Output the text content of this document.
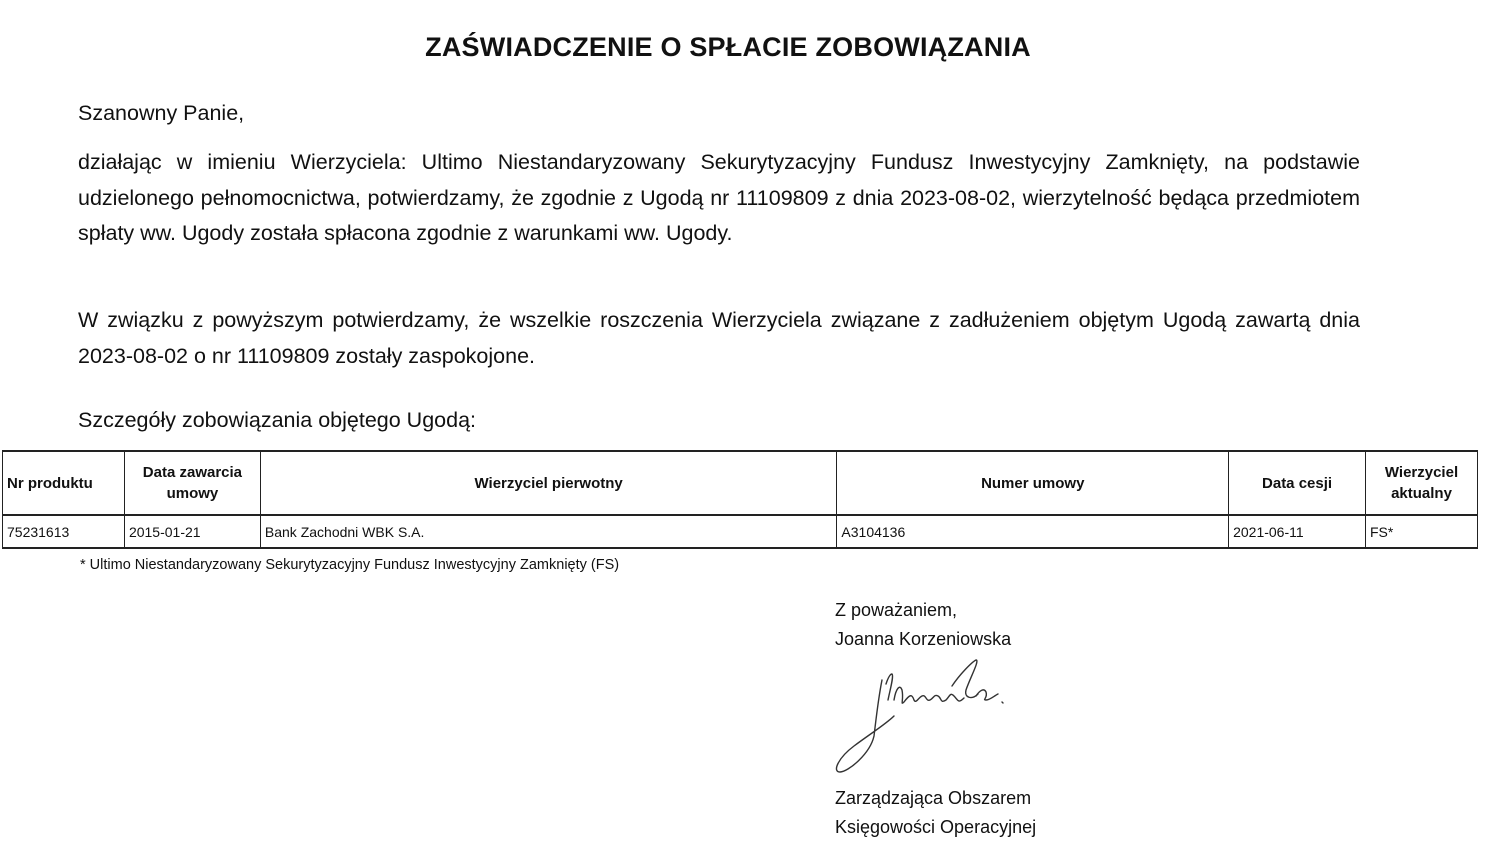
ZAŚWIADCZENIE O SPŁACIE ZOBOWIĄZANIA

Szanowny Panie,

działając w imieniu Wierzyciela: Ultimo Niestandaryzowany Sekurytyzacyjny Fundusz Inwestycyjny Zamknięty, na podstawie udzielonego pełnomocnictwa, potwierdzamy, że zgodnie z Ugodą nr 11109809 z dnia 2023-08-02, wierzytelność będąca przedmiotem spłaty ww. Ugody została spłacona zgodnie z warunkami ww. Ugody.

W związku z powyższym potwierdzamy, że wszelkie roszczenia Wierzyciela związane z zadłużeniem objętym Ugodą zawartą dnia 2023-08-02 o nr 11109809 zostały zaspokojone.

Szczegóły zobowiązania objętego Ugodą:

Nr produktu	Data zawarcia umowy	Wierzyciel pierwotny	Numer umowy	Data cesji	Wierzyciel aktualny
75231613	2015-01-21	Bank Zachodni WBK S.A.	A3104136	2021-06-11	FS*
* Ultimo Niestandaryzowany Sekurytyzacyjny Fundusz Inwestycyjny Zamknięty (FS)
Z poważaniem,
Joanna Korzeniowska
Zarządzająca Obszarem
Księgowości Operacyjnej
